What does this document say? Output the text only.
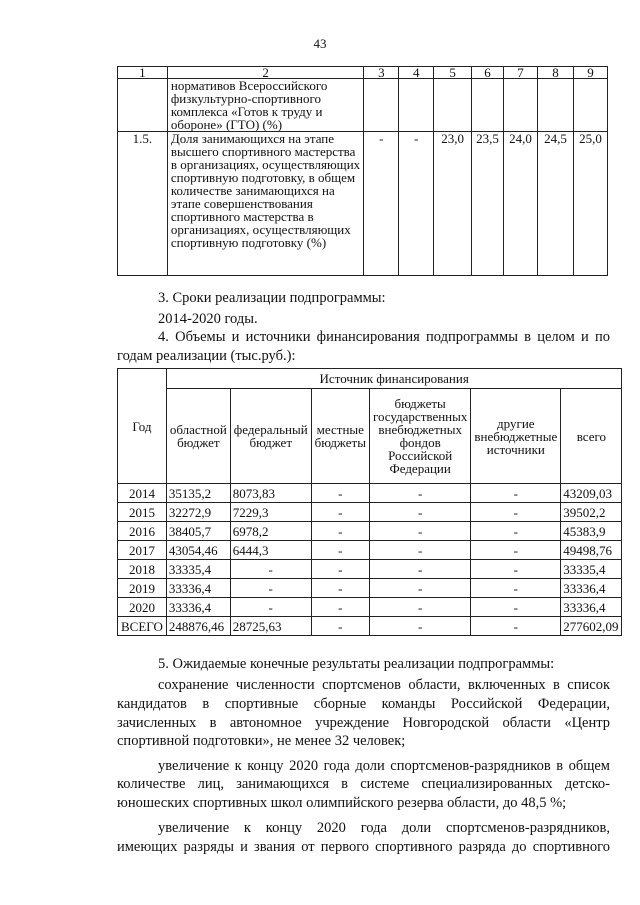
43
1	2	3	4	5	6	7	8	9
	нормативов Всероссийского физкультурно-спортивного комплекса «Готов к труду и обороне» (ГТО) (%)							
1.5.	Доля занимающихся на этапе высшего спортивного мастерства в организациях, осуществляющих спортивную подготовку, в общем количестве занимающихся на этапе совершенствования спортивного мастерства в организациях, осуществляющих спортивную подготовку (%)	-	-	23,0	23,5	24,0	24,5	25,0

3. Сроки реализации подпрограммы:

2014-2020 годы.

4. Объемы и источники финансирования подпрограммы в целом и по

годам реализации (тыс.руб.):

Год	Источник финансирования					
	областной бюджет	федеральный бюджет	местные бюджеты	бюджеты государственных внебюджетных фондов Российской Федерации	другие внебюджетные источники	всего
2014	35135,2	8073,83	-	-	-	43209,03
2015	32272,9	7229,3	-	-	-	39502,2
2016	38405,7	6978,2	-	-	-	45383,9
2017	43054,46	6444,3	-	-	-	49498,76
2018	33335,4	-	-	-	-	33335,4
2019	33336,4	-	-	-	-	33336,4
2020	33336,4	-	-	-	-	33336,4
ВСЕГО	248876,46	28725,63	-	-	-	277602,09

5. Ожидаемые конечные результаты реализации подпрограммы:

сохранение численности спортсменов области, включенных в список

кандидатов в спортивные сборные команды Российской Федерации,

зачисленных в автономное учреждение Новгородской области «Центр

спортивной подготовки», не менее 32 человек;

увеличение к концу 2020 года доли спортсменов-разрядников в общем

количестве лиц, занимающихся в системе специализированных детско-

юношеских спортивных школ олимпийского резерва области, до 48,5 %;

увеличение к концу 2020 года доли спортсменов-разрядников,

имеющих разряды и звания от первого спортивного разряда до спортивного
